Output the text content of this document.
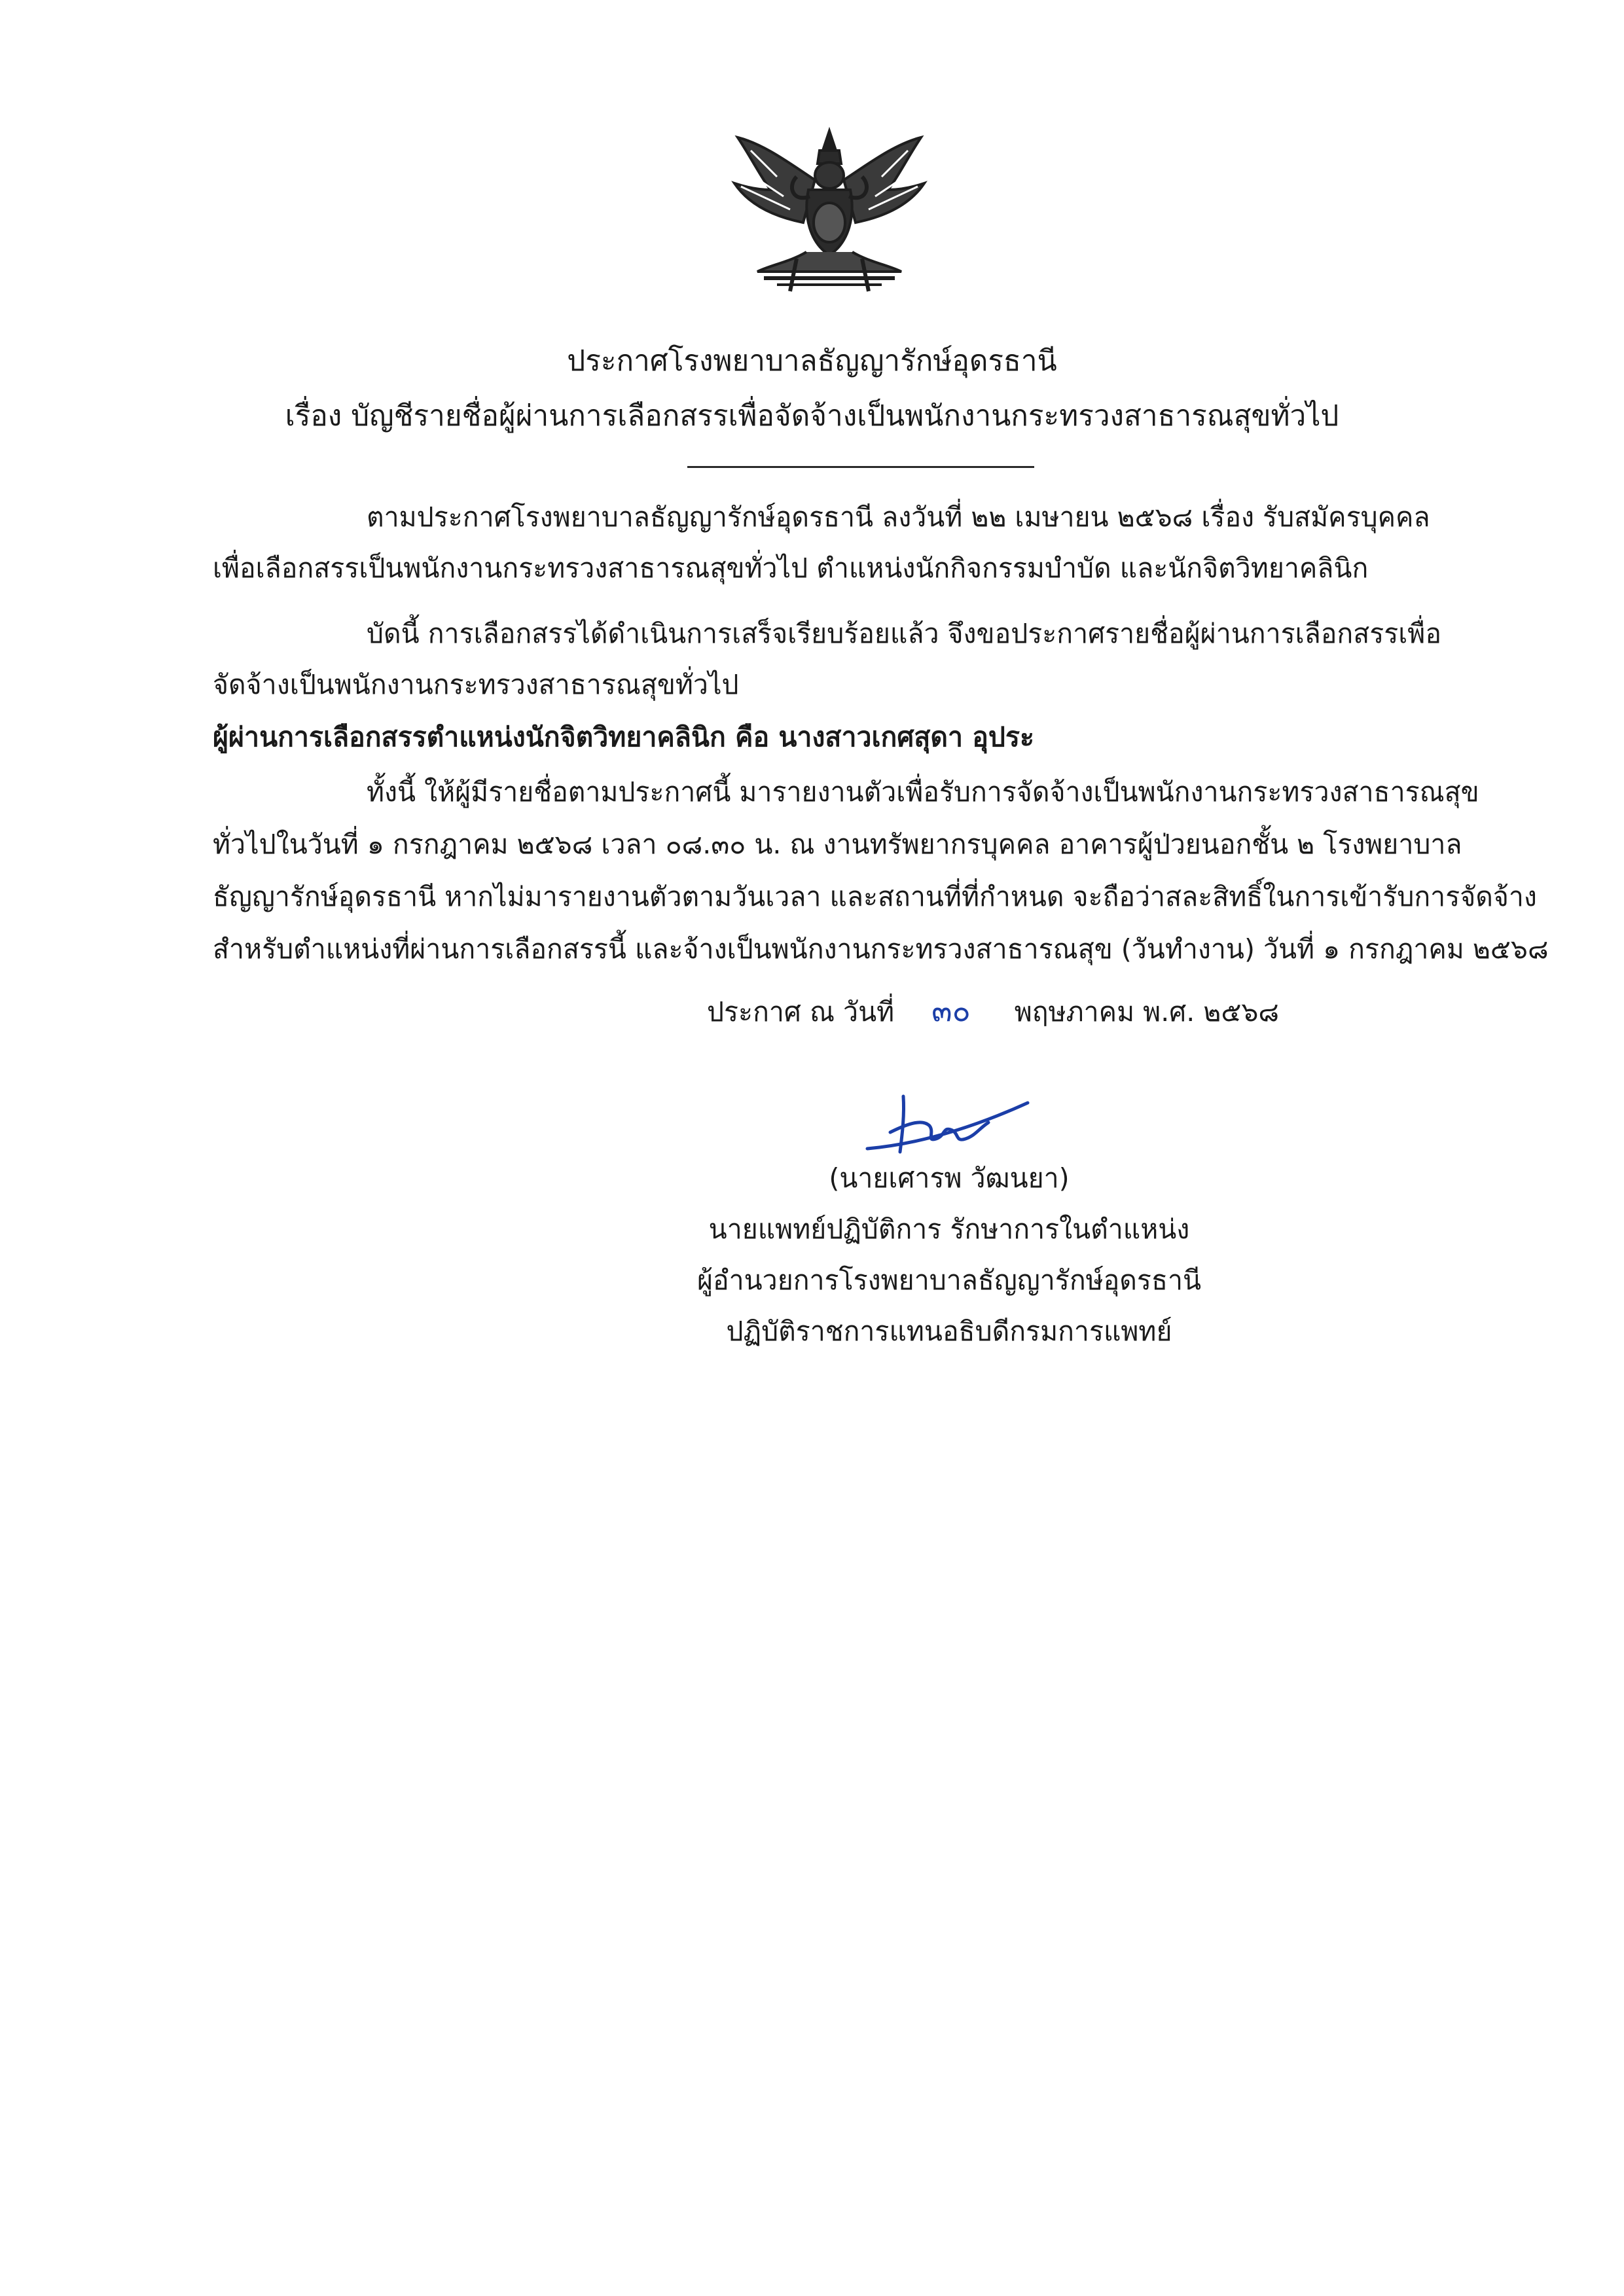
ประกาศโรงพยาบาลธัญญารักษ์อุดรธานี
เรื่อง บัญชีรายชื่อผู้ผ่านการเลือกสรรเพื่อจัดจ้างเป็นพนักงานกระทรวงสาธารณสุขทั่วไป
ตามประกาศโรงพยาบาลธัญญารักษ์อุดรธานี ลงวันที่ ๒๒ เมษายน ๒๕๖๘ เรื่อง รับสมัครบุคคล
เพื่อเลือกสรรเป็นพนักงานกระทรวงสาธารณสุขทั่วไป ตำแหน่งนักกิจกรรมบำบัด และนักจิตวิทยาคลินิก
บัดนี้ การเลือกสรรได้ดำเนินการเสร็จเรียบร้อยแล้ว จึงขอประกาศรายชื่อผู้ผ่านการเลือกสรรเพื่อ
จัดจ้างเป็นพนักงานกระทรวงสาธารณสุขทั่วไป
ผู้ผ่านการเลือกสรรตำแหน่งนักจิตวิทยาคลินิก คือ นางสาวเกศสุดา อุประ
ทั้งนี้ ให้ผู้มีรายชื่อตามประกาศนี้ มารายงานตัวเพื่อรับการจัดจ้างเป็นพนักงานกระทรวงสาธารณสุข
ทั่วไปในวันที่ ๑ กรกฎาคม ๒๕๖๘ เวลา ๐๘.๓๐ น. ณ งานทรัพยากรบุคคล อาคารผู้ป่วยนอกชั้น ๒ โรงพยาบาล
ธัญญารักษ์อุดรธานี หากไม่มารายงานตัวตามวันเวลา และสถานที่ที่กำหนด จะถือว่าสละสิทธิ์ในการเข้ารับการจัดจ้าง
สำหรับตำแหน่งที่ผ่านการเลือกสรรนี้ และจ้างเป็นพนักงานกระทรวงสาธารณสุข (วันทำงาน) วันที่ ๑ กรกฎาคม ๒๕๖๘
ประกาศ ณ วันที่ ๓๐ พฤษภาคม พ.ศ. ๒๕๖๘
(นายเศารพ วัฒนยา)
นายแพทย์ปฏิบัติการ รักษาการในตำแหน่ง
ผู้อำนวยการโรงพยาบาลธัญญารักษ์อุดรธานี
ปฏิบัติราชการแทนอธิบดีกรมการแพทย์
